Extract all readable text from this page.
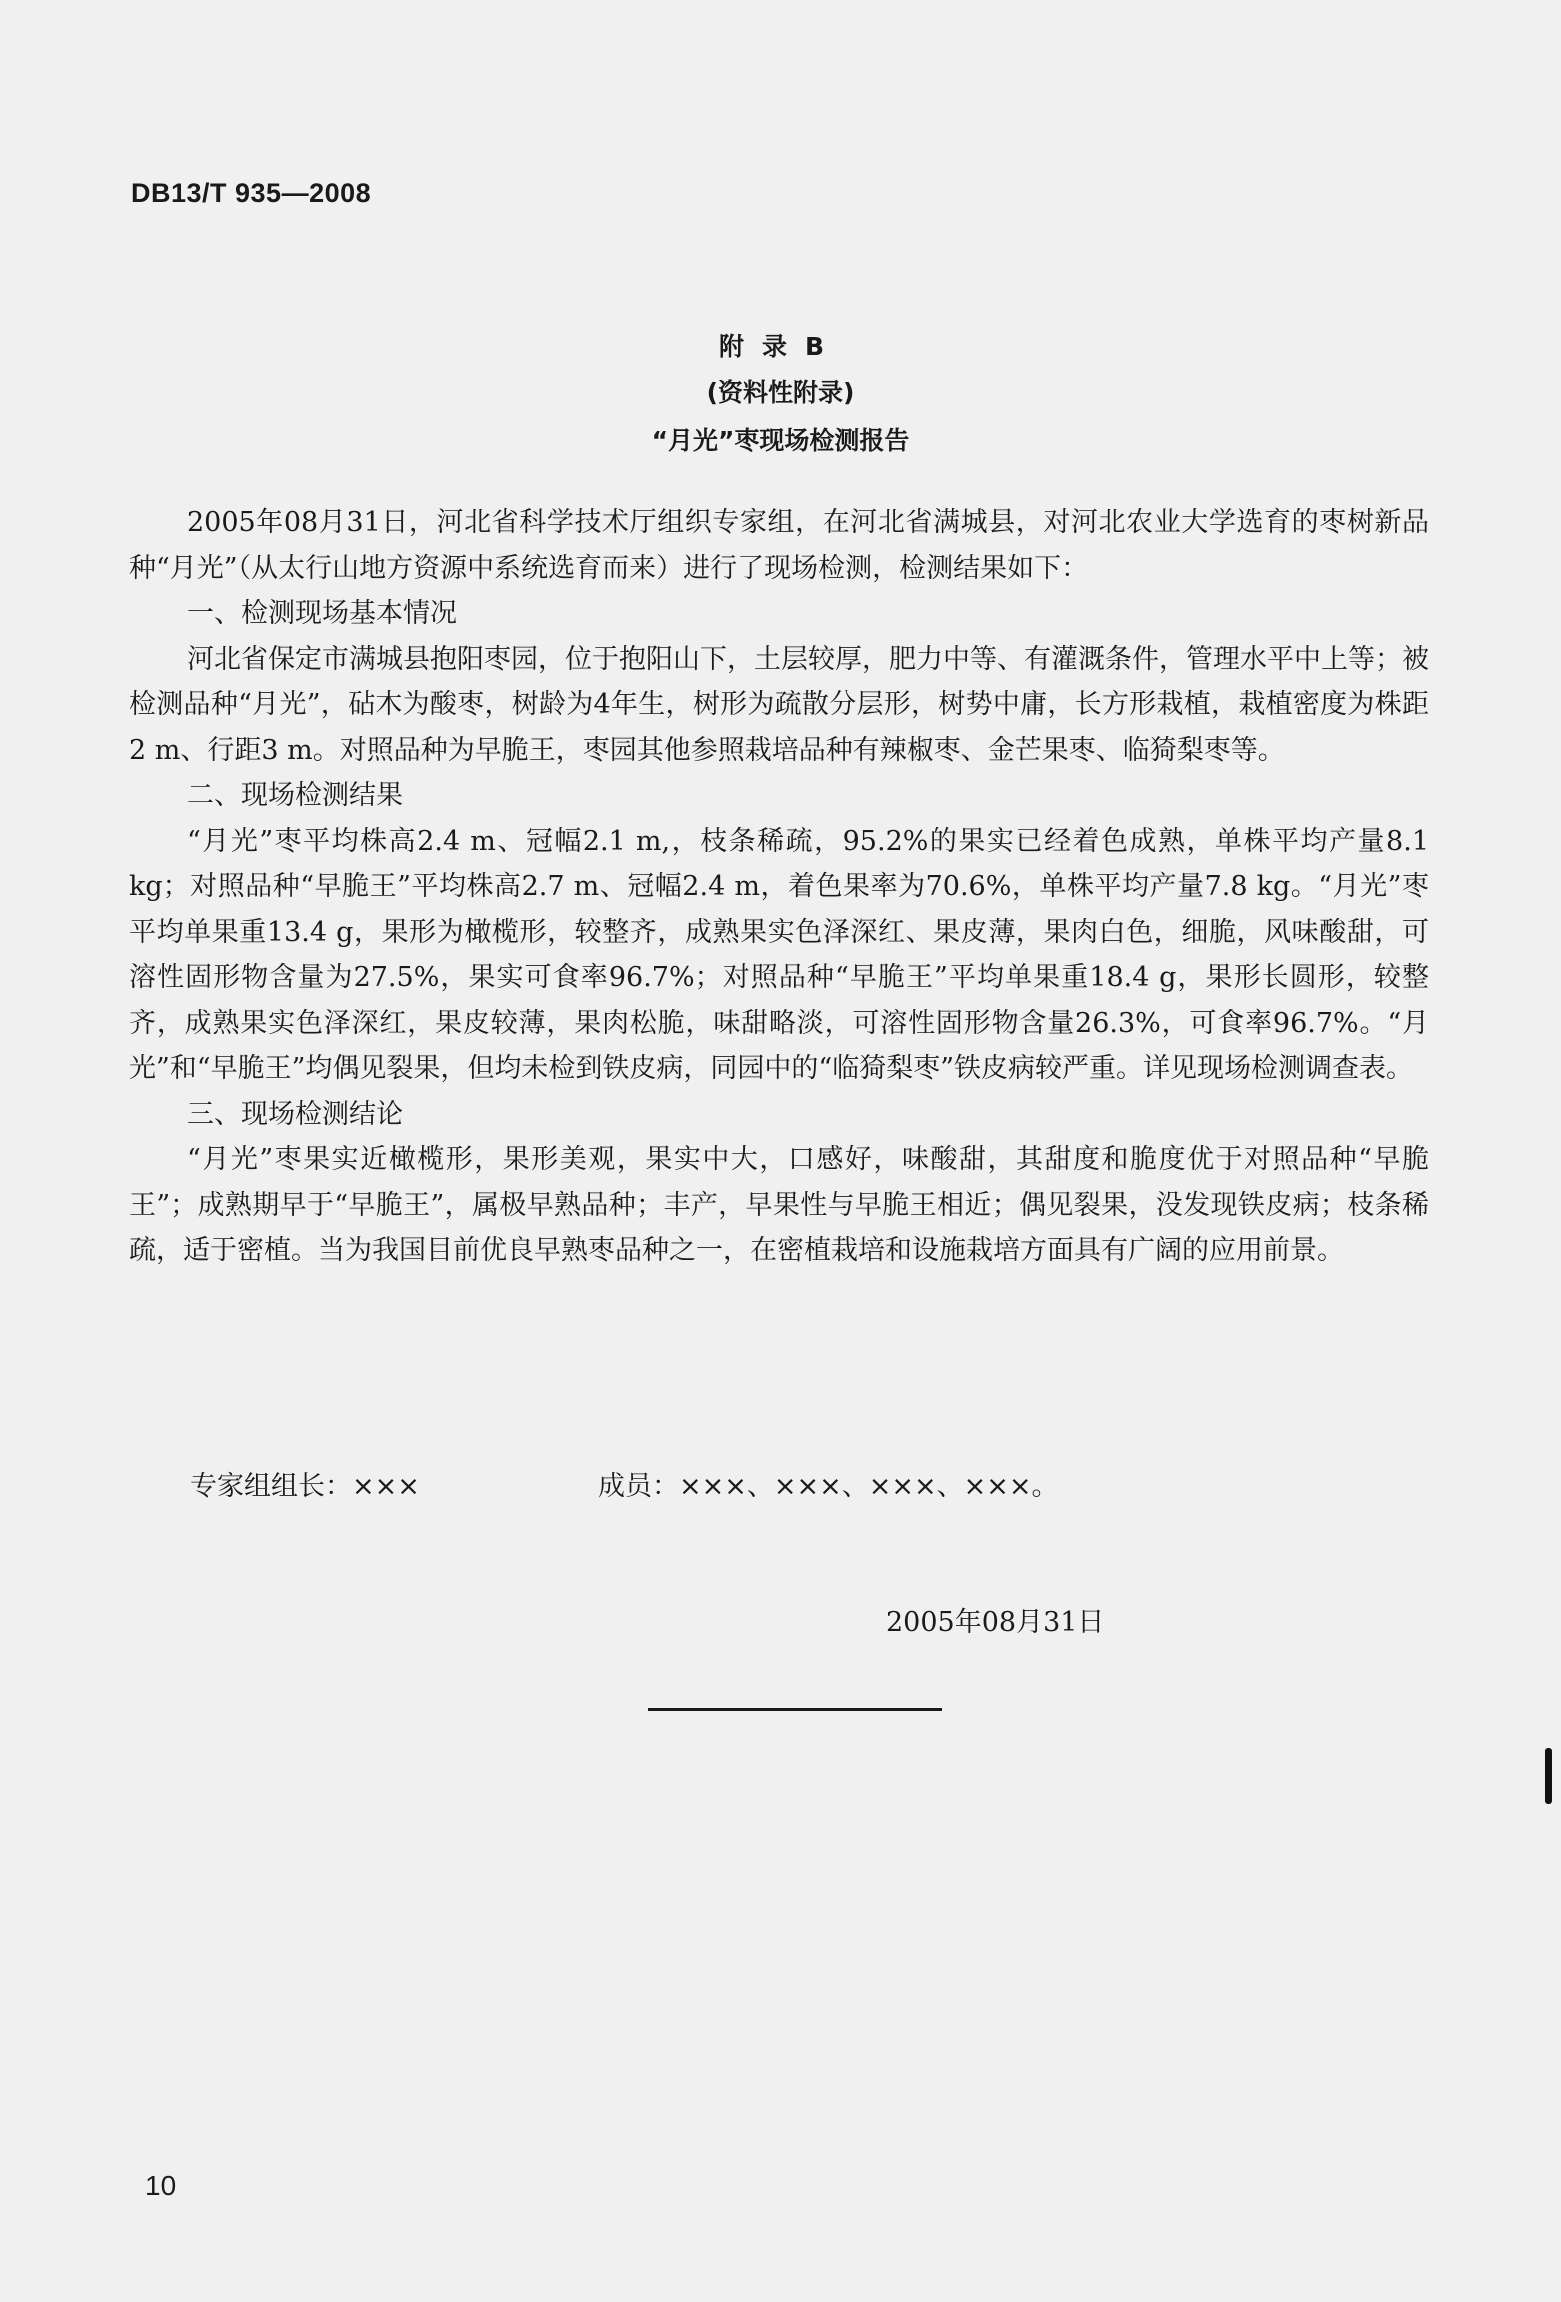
DB13/T 935—2008
附录B
(资料性附录)
“月光”枣现场检测报告

2005年08月31日，河北省科学技术厅组织专家组，在河北省满城县，对河北农业大学选育的枣树新品种“月光”（从太行山地方资源中系统选育而来）进行了现场检测，检测结果如下：

一、检测现场基本情况

河北省保定市满城县抱阳枣园，位于抱阳山下，土层较厚，肥力中等、有灌溉条件，管理水平中上等；被检测品种“月光”，砧木为酸枣，树龄为4年生，树形为疏散分层形，树势中庸，长方形栽植，栽植密度为株距2 m、行距3 m。对照品种为早脆王，枣园其他参照栽培品种有辣椒枣、金芒果枣、临猗梨枣等。

二、现场检测结果

“月光”枣平均株高2.4 m、冠幅2.1 m,，枝条稀疏，95.2%的果实已经着色成熟，单株平均产量8.1 kg；对照品种“早脆王”平均株高2.7 m、冠幅2.4 m，着色果率为70.6%，单株平均产量7.8 kg。“月光”枣平均单果重13.4 g，果形为橄榄形，较整齐，成熟果实色泽深红、果皮薄，果肉白色，细脆，风味酸甜，可溶性固形物含量为27.5%，果实可食率96.7%；对照品种“早脆王”平均单果重18.4 g，果形长圆形，较整齐，成熟果实色泽深红，果皮较薄，果肉松脆，味甜略淡，可溶性固形物含量26.3%，可食率96.7%。“月光”和“早脆王”均偶见裂果，但均未检到铁皮病，同园中的“临猗梨枣”铁皮病较严重。详见现场检测调查表。

三、现场检测结论

“月光”枣果实近橄榄形，果形美观，果实中大，口感好，味酸甜，其甜度和脆度优于对照品种“早脆王”；成熟期早于“早脆王”，属极早熟品种；丰产，早果性与早脆王相近；偶见裂果，没发现铁皮病；枝条稀疏，适于密植。当为我国目前优良早熟枣品种之一，在密植栽培和设施栽培方面具有广阔的应用前景。

专家组组长：×××	成员：×××、×××、×××、×××。
2005年08月31日
10
